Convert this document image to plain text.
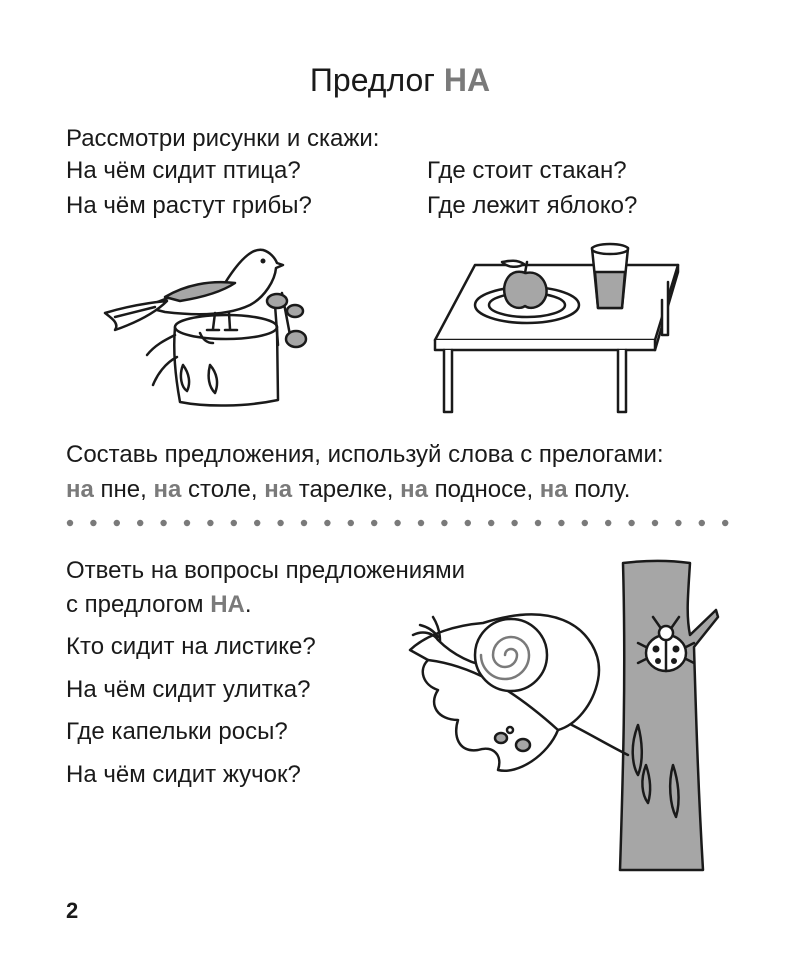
Предлог НА
Рассмотри рисунки и скажи:
На чём сидит птица?
На чём растут грибы?
Где стоит стакан?
Где лежит яблоко?
Составь предложения, используй слова с прелогами:
на пне, на столе, на тарелке, на подносе, на полу.
Ответь на вопросы предложениями
с предлогом НА.
Кто сидит на листике?
На чём сидит улитка?
Где капельки росы?
На чём сидит жучок?
2
